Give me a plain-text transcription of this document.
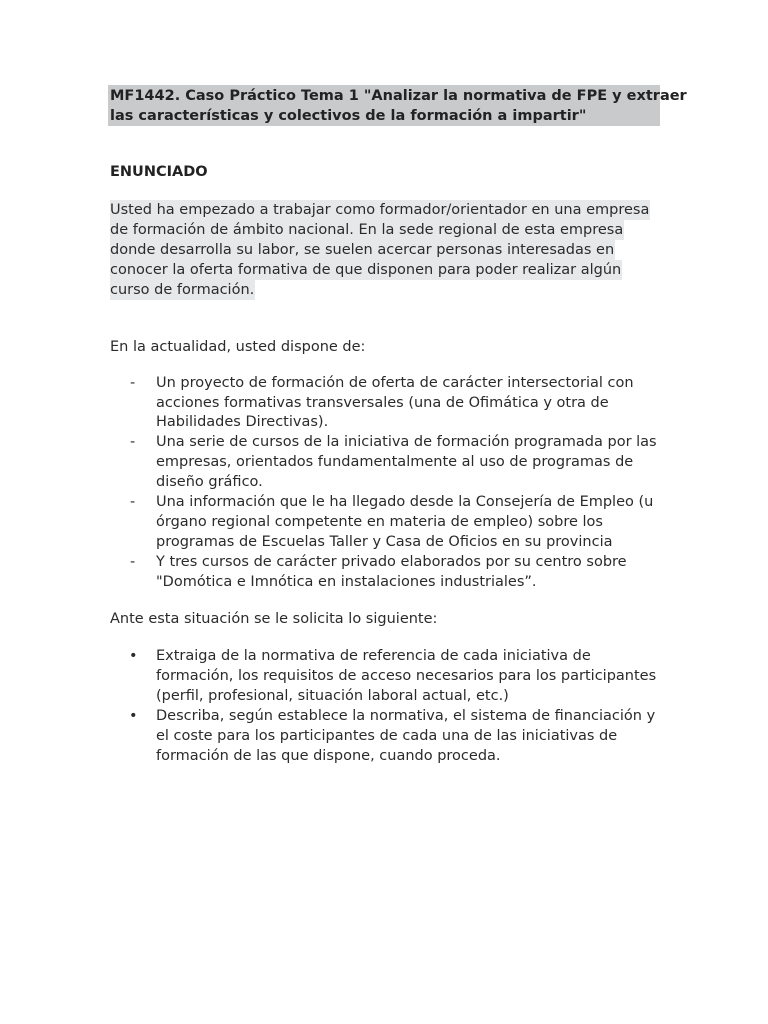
MF1442. Caso Práctico Tema 1 "Analizar la normativa de FPE y extraer
las características y colectivos de la formación a impartir"
ENUNCIADO
Usted ha empezado a trabajar como formador/orientador en una empresa
de formación de ámbito nacional. En la sede regional de esta empresa
donde desarrolla su labor, se suelen acercar personas interesadas en
conocer la oferta formativa de que disponen para poder realizar algún
curso de formación.
En la actualidad, usted dispone de:
- Un proyecto de formación de oferta de carácter intersectorial con
acciones formativas transversales (una de Ofimática y otra de
Habilidades Directivas).
- Una serie de cursos de la iniciativa de formación programada por las
empresas, orientados fundamentalmente al uso de programas de
diseño gráfico.
- Una información que le ha llegado desde la Consejería de Empleo (u
órgano regional competente en materia de empleo) sobre los
programas de Escuelas Taller y Casa de Oficios en su provincia
- Y tres cursos de carácter privado elaborados por su centro sobre
"Domótica e Imnótica en instalaciones industriales”.
Ante esta situación se le solicita lo siguiente:
• Extraiga de la normativa de referencia de cada iniciativa de
formación, los requisitos de acceso necesarios para los participantes
(perfil, profesional, situación laboral actual, etc.)
• Describa, según establece la normativa, el sistema de financiación y
el coste para los participantes de cada una de las iniciativas de
formación de las que dispone, cuando proceda.
